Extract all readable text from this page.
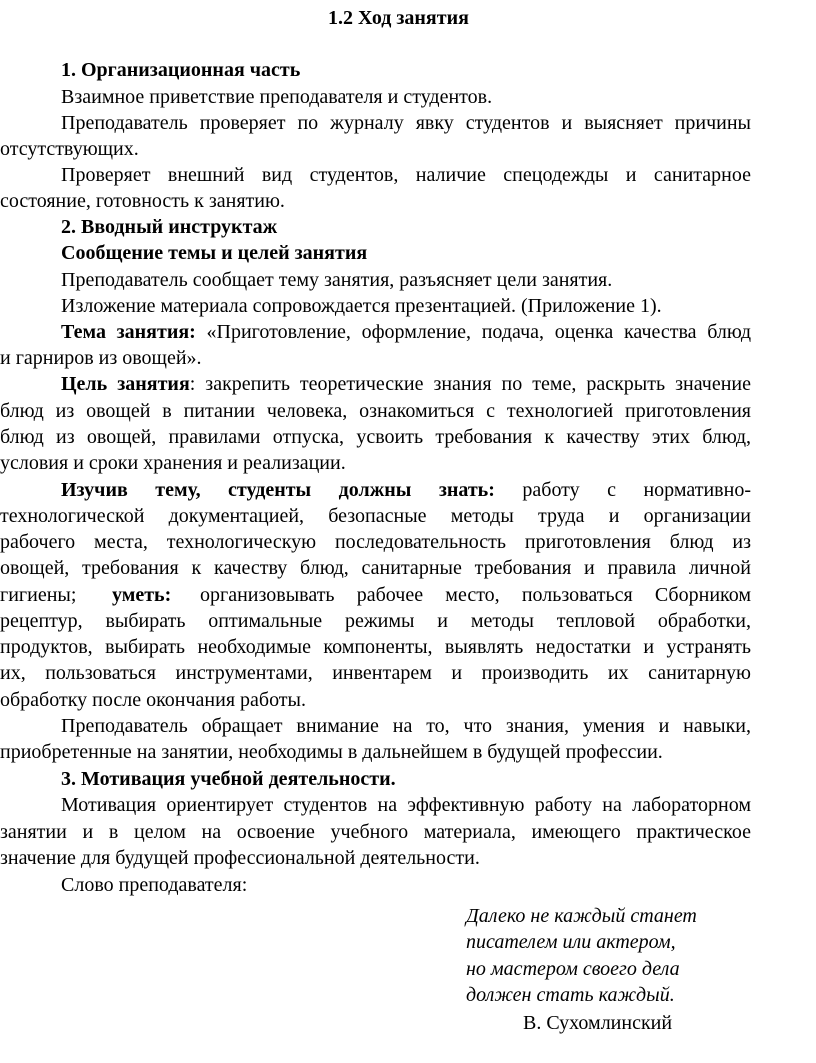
1.2 Ход занятия
1. Организационная часть
Взаимное приветствие преподавателя и студентов.
Преподаватель проверяет по журналу явку студентов и выясняет причины
отсутствующих.
Проверяет внешний вид студентов, наличие спецодежды и санитарное
состояние, готовность к занятию.
2. Вводный инструктаж
Сообщение темы и целей занятия
Преподаватель сообщает тему занятия, разъясняет цели занятия.
Изложение материала сопровождается презентацией. (Приложение 1).
Тема занятия: «Приготовление, оформление, подача, оценка качества блюд
и гарниров из овощей».
Цель занятия: закрепить теоретические знания по теме, раскрыть значение
блюд из овощей в питании человека, ознакомиться с технологией приготовления
блюд из овощей, правилами отпуска, усвоить требования к качеству этих блюд,
условия и сроки хранения и реализации.
Изучив тему, студенты должны знать: работу с нормативно-
технологической документацией, безопасные методы труда и организации
рабочего места, технологическую последовательность приготовления блюд из
овощей, требования к качеству блюд, санитарные требования и правила личной
гигиены; уметь: организовывать рабочее место, пользоваться Сборником
рецептур, выбирать оптимальные режимы и методы тепловой обработки,
продуктов, выбирать необходимые компоненты, выявлять недостатки и устранять
их, пользоваться инструментами, инвентарем и производить их санитарную
обработку после окончания работы.
Преподаватель обращает внимание на то, что знания, умения и навыки,
приобретенные на занятии, необходимы в дальнейшем в будущей профессии.
3. Мотивация учебной деятельности.
Мотивация ориентирует студентов на эффективную работу на лабораторном
занятии и в целом на освоение учебного материала, имеющего практическое
значение для будущей профессиональной деятельности.
Слово преподавателя:
Далеко не каждый станет
писателем или актером,
но мастером своего дела
должен стать каждый.
В. Сухомлинский
